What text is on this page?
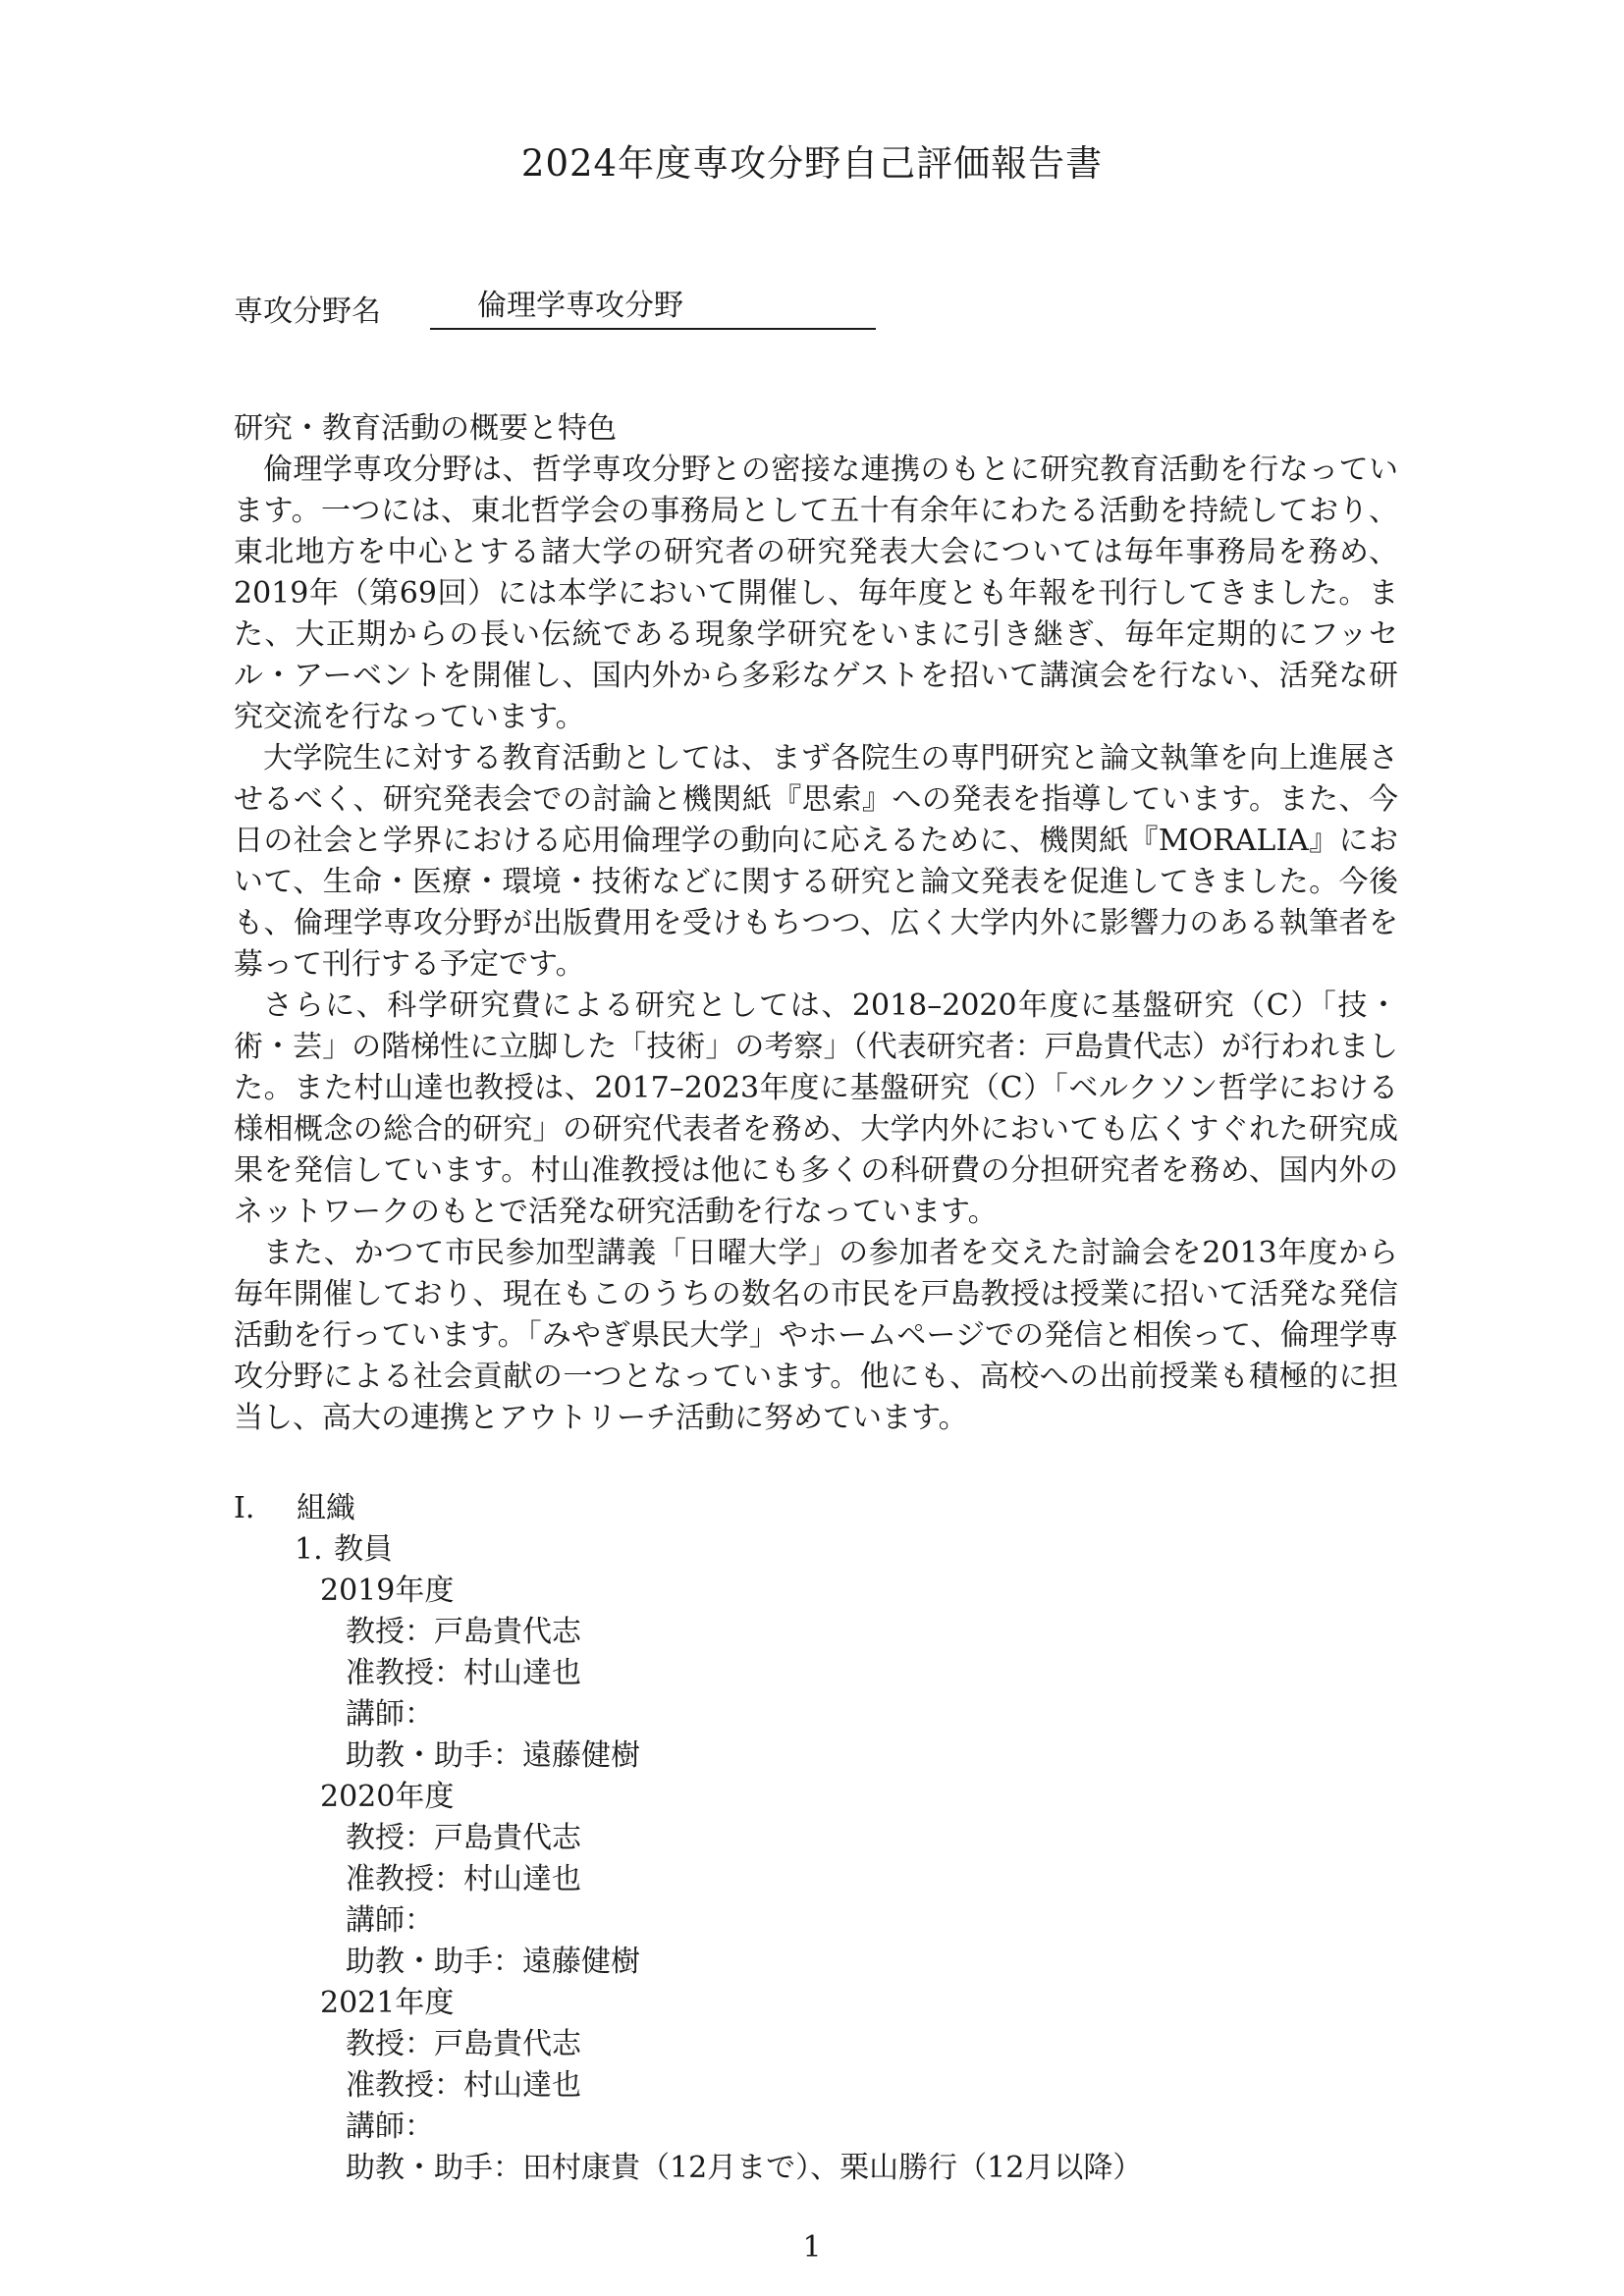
2024年度専攻分野自己評価報告書
専攻分野名	倫理学専攻分野

研究・教育活動の概要と特色

倫理学専攻分野は、哲学専攻分野との密接な連携のもとに研究教育活動を行なっています。一つには、東北哲学会の事務局として五十有余年にわたる活動を持続しており、東北地方を中心とする諸大学の研究者の研究発表大会については毎年事務局を務め、2019年（第69回）には本学において開催し、毎年度とも年報を刊行してきました。また、大正期からの長い伝統である現象学研究をいまに引き継ぎ、毎年定期的にフッセル・アーベントを開催し、国内外から多彩なゲストを招いて講演会を行ない、活発な研究交流を行なっています。

大学院生に対する教育活動としては、まず各院生の専門研究と論文執筆を向上進展させるべく、研究発表会での討論と機関紙『思索』への発表を指導しています。また、今日の社会と学界における応用倫理学の動向に応えるために、機関紙『MORALIA』において、生命・医療・環境・技術などに関する研究と論文発表を促進してきました。今後も、倫理学専攻分野が出版費用を受けもちつつ、広く大学内外に影響力のある執筆者を募って刊行する予定です。

さらに、科学研究費による研究としては、2018–2020年度に基盤研究（C）「技・術・芸」の階梯性に立脚した「技術」の考察」（代表研究者：戸島貴代志）が行われました。また村山達也教授は、2017–2023年度に基盤研究（C）「ベルクソン哲学における様相概念の総合的研究」の研究代表者を務め、大学内外においても広くすぐれた研究成果を発信しています。村山准教授は他にも多くの科研費の分担研究者を務め、国内外のネットワークのもとで活発な研究活動を行なっています。

また、かつて市民参加型講義「日曜大学」の参加者を交えた討論会を2013年度から毎年開催しており、現在もこのうちの数名の市民を戸島教授は授業に招いて活発な発信活動を行っています。「みやぎ県民大学」やホームページでの発信と相俟って、倫理学専攻分野による社会貢献の一つとなっています。他にも、高校への出前授業も積極的に担当し、高大の連携とアウトリーチ活動に努めています。

I. 組織
1. 教員
2019年度
教授：戸島貴代志
准教授：村山達也
講師：
助教・助手：遠藤健樹
2020年度
教授：戸島貴代志
准教授：村山達也
講師：
助教・助手：遠藤健樹
2021年度
教授：戸島貴代志
准教授：村山達也
講師：
助教・助手：田村康貴（12月まで）、栗山勝行（12月以降）
1
